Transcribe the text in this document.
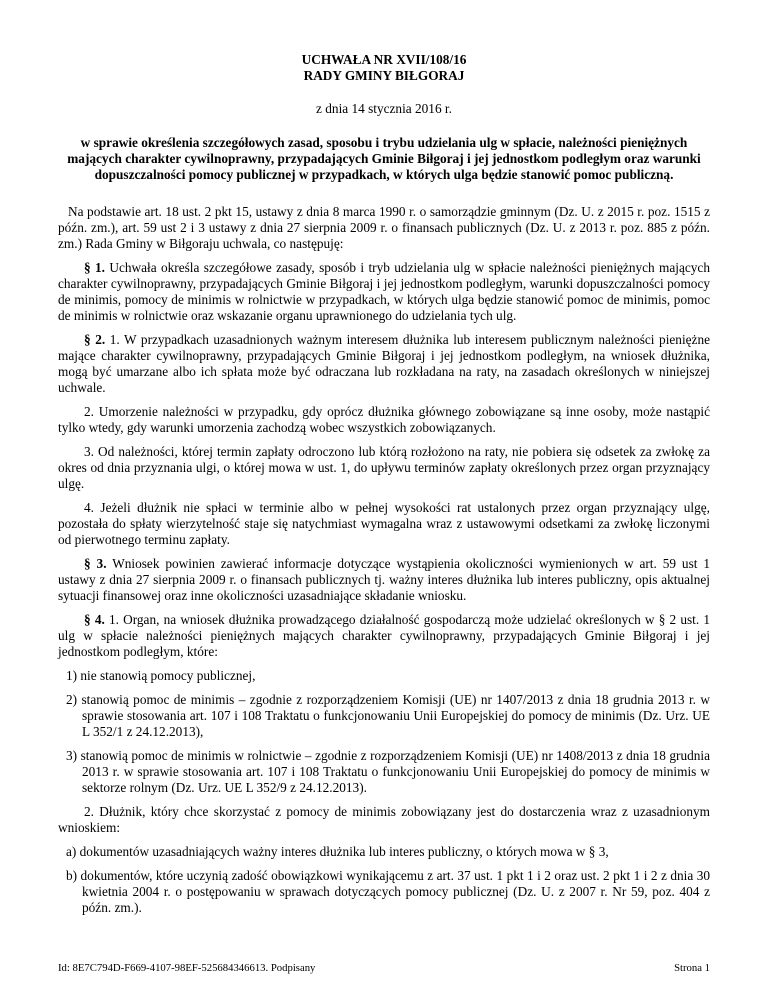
UCHWAŁA NR XVII/108/16
RADY GMINY BIŁGORAJ
z dnia 14 stycznia 2016 r.
w sprawie określenia szczegółowych zasad, sposobu i trybu udzielania ulg w spłacie, należności pieniężnych mających charakter cywilnoprawny, przypadających Gminie Biłgoraj i jej jednostkom podległym oraz warunki dopuszczalności pomocy publicznej w przypadkach, w których ulga będzie stanowić pomoc publiczną.

Na podstawie art. 18 ust. 2 pkt 15, ustawy z dnia 8 marca 1990 r. o samorządzie gminnym (Dz. U. z 2015 r. poz. 1515 z późn. zm.), art. 59 ust 2 i 3 ustawy z dnia 27 sierpnia 2009 r. o finansach publicznych (Dz. U. z 2013 r. poz. 885 z późn. zm.) Rada Gminy w Biłgoraju uchwala, co następuję:

§ 1. Uchwała określa szczegółowe zasady, sposób i tryb udzielania ulg w spłacie należności pieniężnych mających charakter cywilnoprawny, przypadających Gminie Biłgoraj i jej jednostkom podległym, warunki dopuszczalności pomocy de minimis, pomocy de minimis w rolnictwie w przypadkach, w których ulga będzie stanowić pomoc de minimis, pomoc de minimis w rolnictwie oraz wskazanie organu uprawnionego do udzielania tych ulg.

§ 2. 1. W przypadkach uzasadnionych ważnym interesem dłużnika lub interesem publicznym należności pieniężne mające charakter cywilnoprawny, przypadających Gminie Biłgoraj i jej jednostkom podległym, na wniosek dłużnika, mogą być umarzane albo ich spłata może być odraczana lub rozkładana na raty, na zasadach określonych w niniejszej uchwale.

2. Umorzenie należności w przypadku, gdy oprócz dłużnika głównego zobowiązane są inne osoby, może nastąpić tylko wtedy, gdy warunki umorzenia zachodzą wobec wszystkich zobowiązanych.

3. Od należności, której termin zapłaty odroczono lub którą rozłożono na raty, nie pobiera się odsetek za zwłokę za okres od dnia przyznania ulgi, o której mowa w ust. 1, do upływu terminów zapłaty określonych przez organ przyznający ulgę.

4. Jeżeli dłużnik nie spłaci w terminie albo w pełnej wysokości rat ustalonych przez organ przyznający ulgę, pozostała do spłaty wierzytelność staje się natychmiast wymagalna wraz z ustawowymi odsetkami za zwłokę liczonymi od pierwotnego terminu zapłaty.

§ 3. Wniosek powinien zawierać informacje dotyczące wystąpienia okoliczności wymienionych w art. 59 ust 1 ustawy z dnia 27 sierpnia 2009 r. o finansach publicznych tj. ważny interes dłużnika lub interes publiczny, opis aktualnej sytuacji finansowej oraz inne okoliczności uzasadniające składanie wniosku.

§ 4. 1. Organ, na wniosek dłużnika prowadzącego działalność gospodarczą może udzielać określonych w § 2 ust. 1 ulg w spłacie należności pieniężnych mających charakter cywilnoprawny, przypadających Gminie Biłgoraj i jej jednostkom podległym, które:

1) nie stanowią pomocy publicznej,

2) stanowią pomoc de minimis – zgodnie z rozporządzeniem Komisji (UE) nr 1407/2013 z dnia 18 grudnia 2013 r. w sprawie stosowania art. 107 i 108 Traktatu o funkcjonowaniu Unii Europejskiej do pomocy de minimis (Dz. Urz. UE L 352/1 z 24.12.2013),

3) stanowią pomoc de minimis w rolnictwie – zgodnie z rozporządzeniem Komisji (UE) nr 1408/2013 z dnia 18 grudnia 2013 r. w sprawie stosowania art. 107 i 108 Traktatu o funkcjonowaniu Unii Europejskiej do pomocy de minimis w sektorze rolnym (Dz. Urz. UE L 352/9 z 24.12.2013).

2. Dłużnik, który chce skorzystać z pomocy de minimis zobowiązany jest do dostarczenia wraz z uzasadnionym wnioskiem:

a) dokumentów uzasadniających ważny interes dłużnika lub interes publiczny, o których mowa w § 3,

b) dokumentów, które uczynią zadość obowiązkowi wynikającemu z art. 37 ust. 1 pkt 1 i 2 oraz ust. 2 pkt 1 i 2 z dnia 30 kwietnia 2004 r. o postępowaniu w sprawach dotyczących pomocy publicznej (Dz. U. z 2007 r. Nr 59, poz. 404 z późn. zm.).

Id: 8E7C794D-F669-4107-98EF-525684346613. Podpisany	Strona 1
